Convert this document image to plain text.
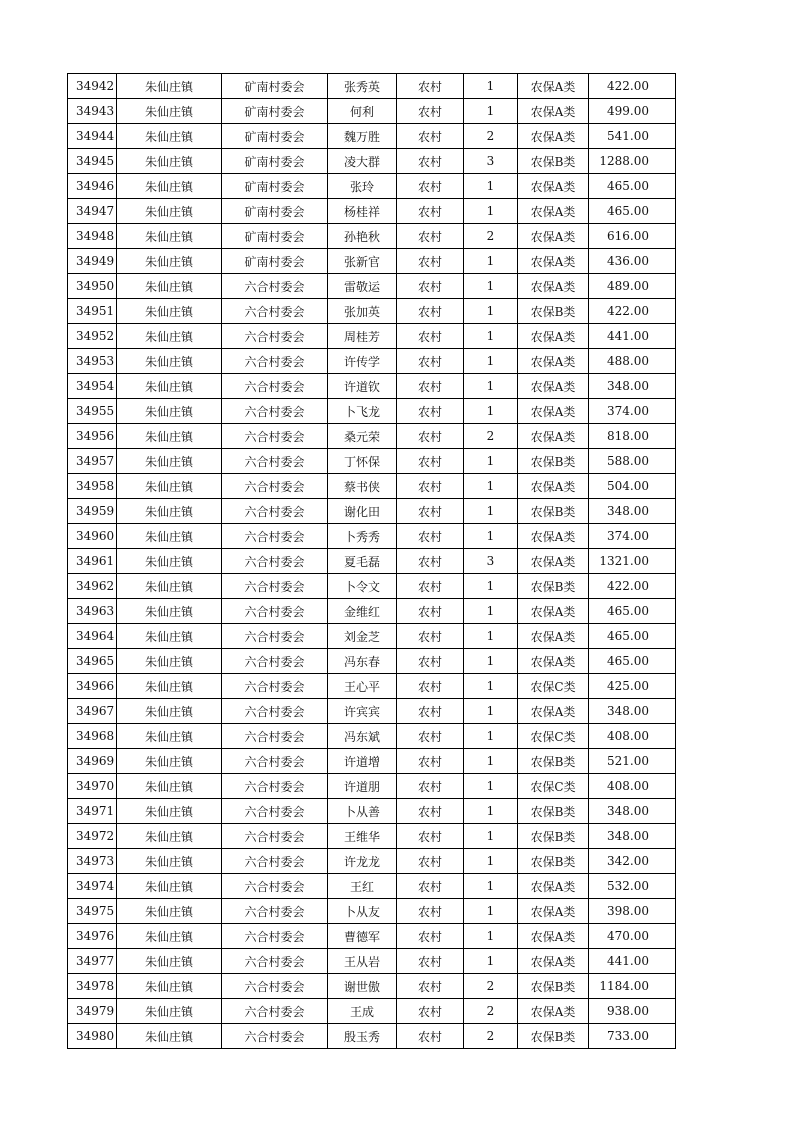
34942	朱仙庄镇	矿南村委会	张秀英	农村	1	农保A类	422.00
34943	朱仙庄镇	矿南村委会	何利	农村	1	农保A类	499.00
34944	朱仙庄镇	矿南村委会	魏万胜	农村	2	农保A类	541.00
34945	朱仙庄镇	矿南村委会	凌大群	农村	3	农保B类	1288.00
34946	朱仙庄镇	矿南村委会	张玲	农村	1	农保A类	465.00
34947	朱仙庄镇	矿南村委会	杨桂祥	农村	1	农保A类	465.00
34948	朱仙庄镇	矿南村委会	孙艳秋	农村	2	农保A类	616.00
34949	朱仙庄镇	矿南村委会	张新官	农村	1	农保A类	436.00
34950	朱仙庄镇	六合村委会	雷敬运	农村	1	农保A类	489.00
34951	朱仙庄镇	六合村委会	张加英	农村	1	农保B类	422.00
34952	朱仙庄镇	六合村委会	周桂芳	农村	1	农保A类	441.00
34953	朱仙庄镇	六合村委会	许传学	农村	1	农保A类	488.00
34954	朱仙庄镇	六合村委会	许道钦	农村	1	农保A类	348.00
34955	朱仙庄镇	六合村委会	卜飞龙	农村	1	农保A类	374.00
34956	朱仙庄镇	六合村委会	桑元荣	农村	2	农保A类	818.00
34957	朱仙庄镇	六合村委会	丁怀保	农村	1	农保B类	588.00
34958	朱仙庄镇	六合村委会	蔡书侠	农村	1	农保A类	504.00
34959	朱仙庄镇	六合村委会	谢化田	农村	1	农保B类	348.00
34960	朱仙庄镇	六合村委会	卜秀秀	农村	1	农保A类	374.00
34961	朱仙庄镇	六合村委会	夏毛磊	农村	3	农保A类	1321.00
34962	朱仙庄镇	六合村委会	卜令文	农村	1	农保B类	422.00
34963	朱仙庄镇	六合村委会	金维红	农村	1	农保A类	465.00
34964	朱仙庄镇	六合村委会	刘金芝	农村	1	农保A类	465.00
34965	朱仙庄镇	六合村委会	冯东春	农村	1	农保A类	465.00
34966	朱仙庄镇	六合村委会	王心平	农村	1	农保C类	425.00
34967	朱仙庄镇	六合村委会	许宾宾	农村	1	农保A类	348.00
34968	朱仙庄镇	六合村委会	冯东斌	农村	1	农保C类	408.00
34969	朱仙庄镇	六合村委会	许道增	农村	1	农保B类	521.00
34970	朱仙庄镇	六合村委会	许道朋	农村	1	农保C类	408.00
34971	朱仙庄镇	六合村委会	卜从善	农村	1	农保B类	348.00
34972	朱仙庄镇	六合村委会	王维华	农村	1	农保B类	348.00
34973	朱仙庄镇	六合村委会	许龙龙	农村	1	农保B类	342.00
34974	朱仙庄镇	六合村委会	王红	农村	1	农保A类	532.00
34975	朱仙庄镇	六合村委会	卜从友	农村	1	农保A类	398.00
34976	朱仙庄镇	六合村委会	曹德军	农村	1	农保A类	470.00
34977	朱仙庄镇	六合村委会	王从岩	农村	1	农保A类	441.00
34978	朱仙庄镇	六合村委会	谢世傲	农村	2	农保B类	1184.00
34979	朱仙庄镇	六合村委会	王成	农村	2	农保A类	938.00
34980	朱仙庄镇	六合村委会	殷玉秀	农村	2	农保B类	733.00
